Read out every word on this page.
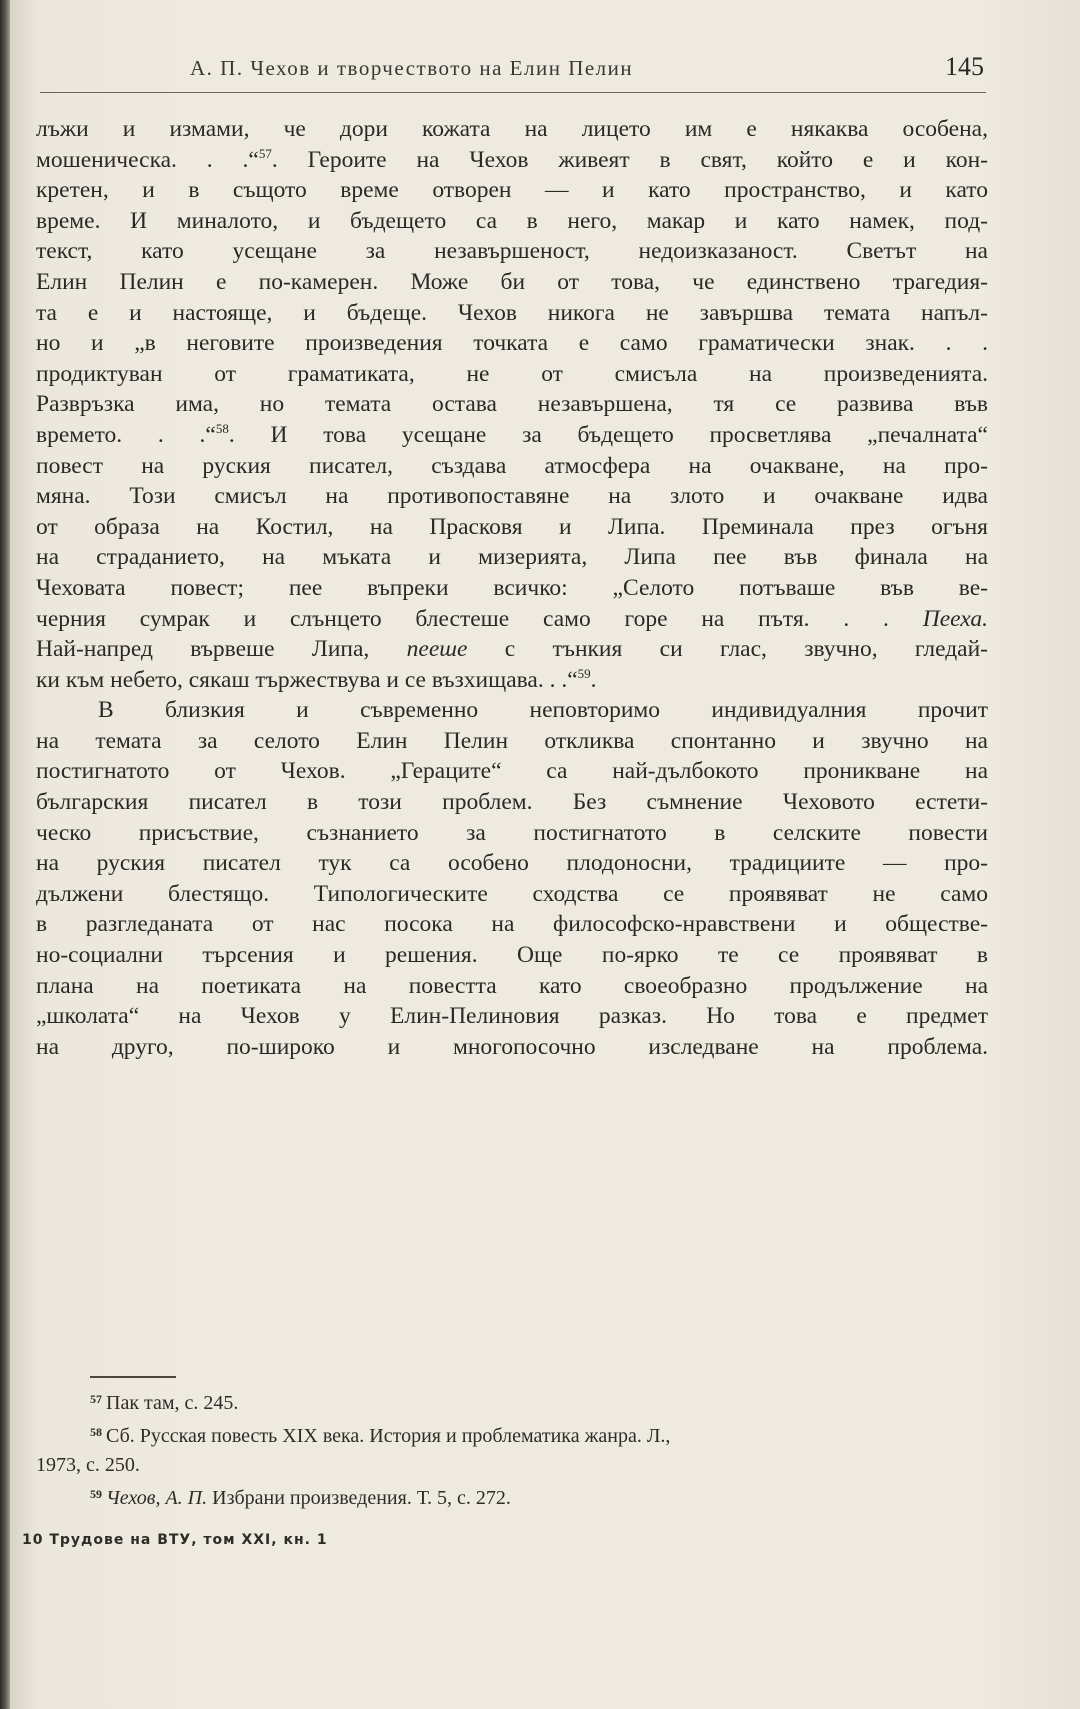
А. П. Чехов и творчеството на Елин Пелин	145
лъжи и измами, че дори кожата на лицето им е някаква особена,
мошеническа. . .“$^{57}$. Героите на Чехов живеят в свят, който е и кон-
кретен, и в същото време отворен — и като пространство, и като
време. И миналото, и бъдещето са в него, макар и като намек, под-
текст, като усещане за незавършеност, недоизказаност. Светът на
Елин Пелин е по-камерен. Може би от това, че единствено трагедия-
та е и настояще, и бъдеще. Чехов никога не завършва темата напъл-
но и „в неговите произведения точката е само граматически знак. . .
продиктуван от граматиката, не от смисъла на произведенията.
Развръзка има, но темата остава незавършена, тя се развива във
времето. . .“$^{58}$. И това усещане за бъдещето просветлява „печалната“
повест на руския писател, създава атмосфера на очакване, на про-
мяна. Този смисъл на противопоставяне на злото и очакване идва
от образа на Костил, на Прасковя и Липа. Преминала през огъня
на страданието, на мъката и мизерията, Липа пее във финала на
Чеховата повест; пее въпреки всичко: „Селото потъваше във ве-
черния сумрак и слънцето блестеше само горе на пътя. . . Пееха.
Най-напред вървеше Липа, пееше с тънкия си глас, звучно, гледай-
ки към небето, сякаш тържествува и се възхищава. . .“$^{59}$.
В близкия и съвременно неповторимо индивидуалния прочит
на темата за селото Елин Пелин откликва спонтанно и звучно на
постигнатото от Чехов. „Гераците“ са най-дълбокото проникване на
българския писател в този проблем. Без съмнение Чеховото естети-
ческо присъствие, съзнанието за постигнатото в селските повести
на руския писател тук са особено плодоносни, традициите — про-
дължени блестящо. Типологическите сходства се проявяват не само
в разгледаната от нас посока на философско-нравствени и обществе-
но-социални търсения и решения. Още по-ярко те се проявяват в
плана на поетиката на повестта като своеобразно продължение на
„школата“ на Чехов у Елин-Пелиновия разказ. Но това е предмет
на друго, по-широко и многопосочно изследване на проблема.
$^{57}$ Пак там, с. 245.
$^{58}$ Сб. Русская повесть XIX века. История и проблематика жанра. Л.,
1973, с. 250.
$^{59}$ Чехов, А. П. Избрани произведения. Т. 5, с. 272.
10 Трудове на ВТУ, том XXI, кн. 1
